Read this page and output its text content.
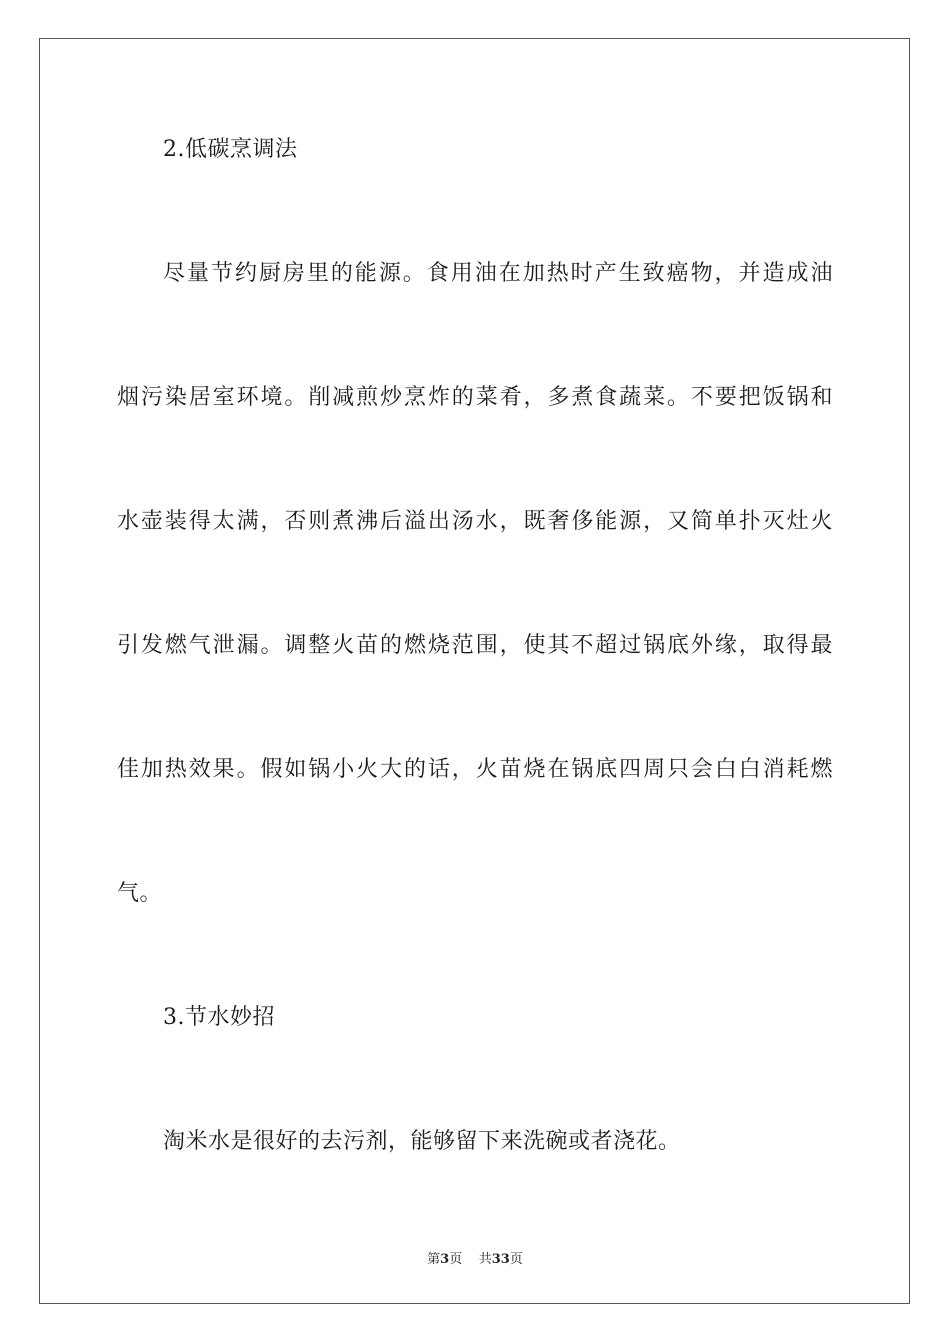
2.低碳烹调法
尽量节约厨房里的能源。食用油在加热时产生致癌物，并造成油
烟污染居室环境。削减煎炒烹炸的菜肴，多煮食蔬菜。不要把饭锅和
水壶装得太满，否则煮沸后溢出汤水，既奢侈能源，又简单扑灭灶火
引发燃气泄漏。调整火苗的燃烧范围，使其不超过锅底外缘，取得最
佳加热效果。假如锅小火大的话，火苗烧在锅底四周只会白白消耗燃
气。
3.节水妙招
淘米水是很好的去污剂，能够留下来洗碗或者浇花。
第3页 共33页
